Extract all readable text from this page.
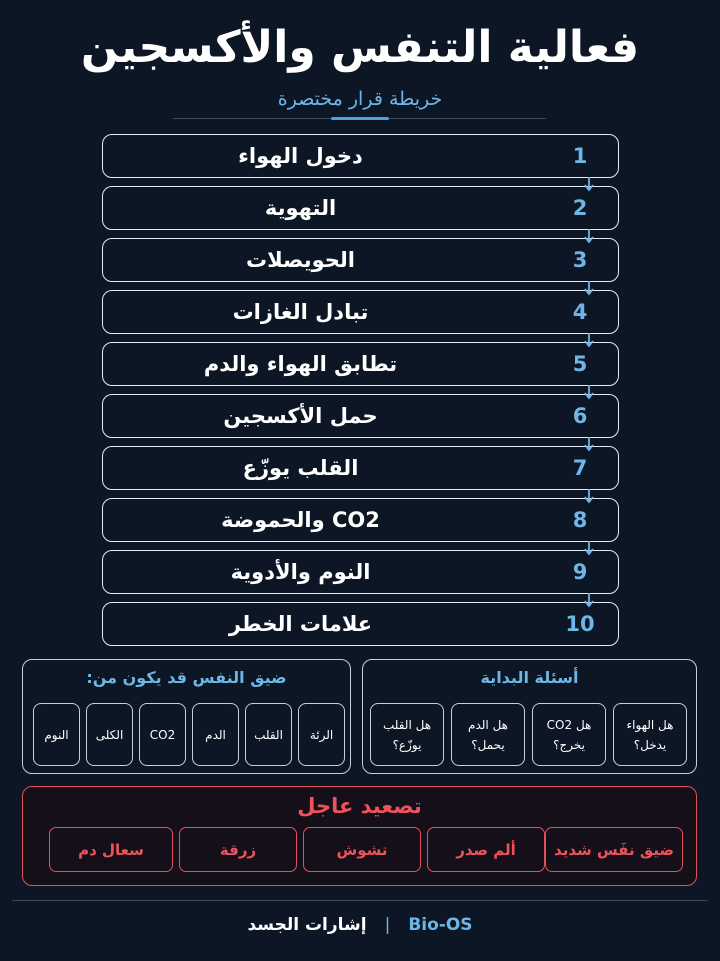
فعالية التنفس والأكسجين
خريطة قرار مختصرة
دخول الهواء	1
التهوية	2
الحويصلات	3
تبادل الغازات	4
تطابق الهواء والدم	5
حمل الأكسجين	6
القلب يوزّع	7
CO2 والحموضة	8
النوم والأدوية	9
علامات الخطر	10
أسئلة البداية
هل الهواء
يدخل؟
هل CO2
يخرج؟
هل الدم
يحمل؟
هل القلب
يوزّع؟
ضيق النفس قد يكون من:
الرئة
القلب
الدم
CO2
الكلى
النوم
تصعيد عاجل
ضيق نفَس شديد
ألم صدر
تشوش
زرقة
سعال دم
إشارات الجسد | Bio-OS
